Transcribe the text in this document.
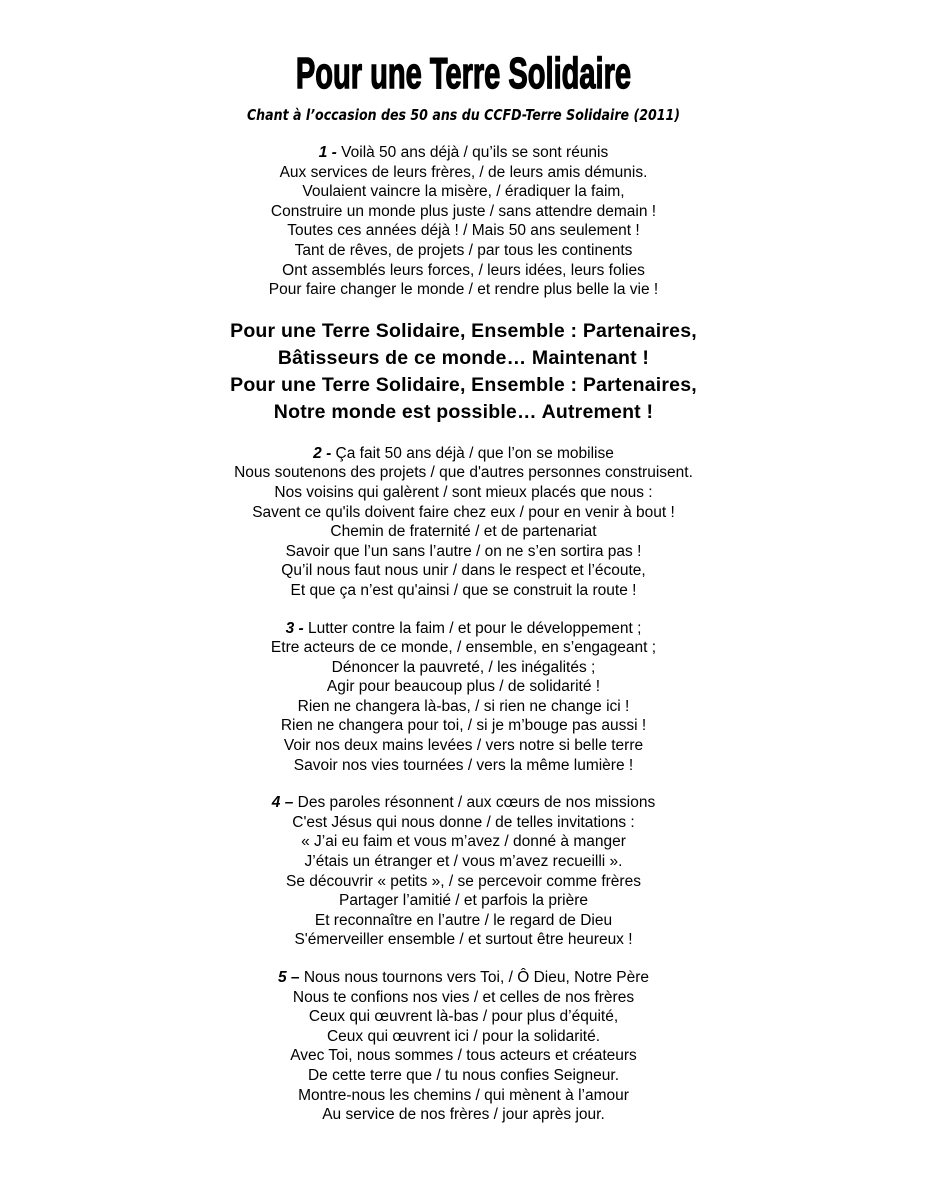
Pour une Terre Solidaire
Chant à l’occasion des 50 ans du CCFD-Terre Solidaire (2011)

1 - Voilà 50 ans déjà / qu’ils se sont réunis

Aux services de leurs frères, / de leurs amis démunis.

Voulaient vaincre la misère, / éradiquer la faim,

Construire un monde plus juste / sans attendre demain !

Toutes ces années déjà ! / Mais 50 ans seulement !

Tant de rêves, de projets / par tous les continents

Ont assemblés leurs forces, / leurs idées, leurs folies

Pour faire changer le monde / et rendre plus belle la vie !

Pour une Terre Solidaire, Ensemble : Partenaires,

Bâtisseurs de ce monde… Maintenant !

Pour une Terre Solidaire, Ensemble : Partenaires,

Notre monde est possible… Autrement !

2 - Ça fait 50 ans déjà / que l’on se mobilise

Nous soutenons des projets / que d'autres personnes construisent.

Nos voisins qui galèrent / sont mieux placés que nous :

Savent ce qu'ils doivent faire chez eux / pour en venir à bout !

Chemin de fraternité / et de partenariat

Savoir que l’un sans l’autre / on ne s’en sortira pas !

Qu’il nous faut nous unir / dans le respect et l’écoute,

Et que ça n’est qu'ainsi / que se construit la route !

3 - Lutter contre la faim / et pour le développement ;

Etre acteurs de ce monde, / ensemble, en s’engageant ;

Dénoncer la pauvreté, / les inégalités ;

Agir pour beaucoup plus / de solidarité !

Rien ne changera là-bas, / si rien ne change ici !

Rien ne changera pour toi, / si je m’bouge pas aussi !

Voir nos deux mains levées / vers notre si belle terre

Savoir nos vies tournées / vers la même lumière !

4 – Des paroles résonnent / aux cœurs de nos missions

C'est Jésus qui nous donne / de telles invitations :

« J’ai eu faim et vous m’avez / donné à manger

J’étais un étranger et / vous m’avez recueilli ».

Se découvrir « petits », / se percevoir comme frères

Partager l’amitié / et parfois la prière

Et reconnaître en l’autre / le regard de Dieu

S'émerveiller ensemble / et surtout être heureux !

5 – Nous nous tournons vers Toi, / Ô Dieu, Notre Père

Nous te confions nos vies / et celles de nos frères

Ceux qui œuvrent là-bas / pour plus d’équité,

Ceux qui œuvrent ici / pour la solidarité.

Avec Toi, nous sommes / tous acteurs et créateurs

De cette terre que / tu nous confies Seigneur.

Montre-nous les chemins / qui mènent à l’amour

Au service de nos frères / jour après jour.
